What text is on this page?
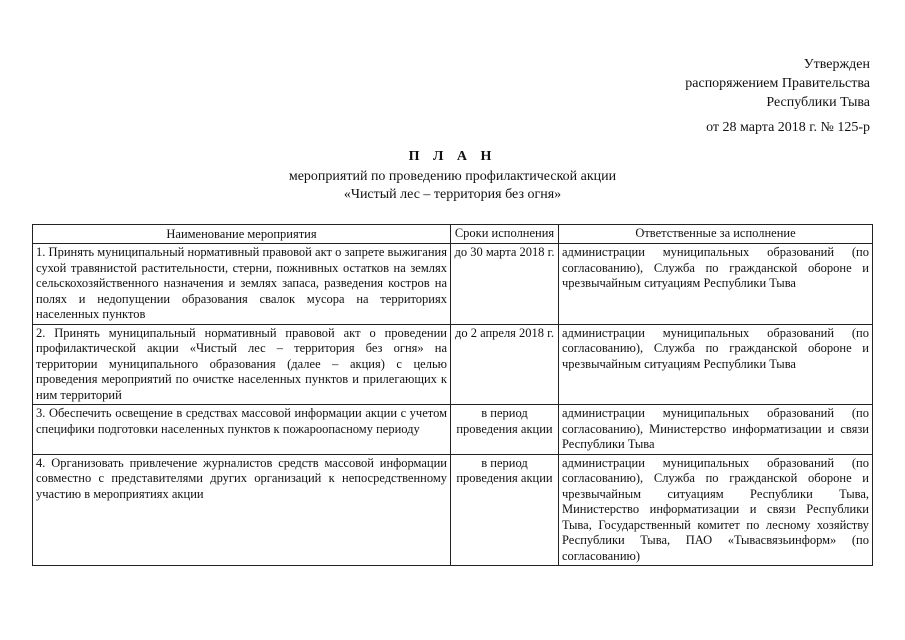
Утвержден
распоряжением Правительства
Республики Тыва
от 28 марта 2018 г. № 125-р
П Л А Н
мероприятий по проведению профилактической акции
«Чистый лес – территория без огня»
Наименование мероприятия	Сроки исполнения	Ответственные за исполнение
1. Принять муниципальный нормативный правовой акт о запрете выжигания сухой травянистой растительности, стерни, пожнивных остатков на землях сельскохозяйственного назначения и землях запаса, разведения костров на полях и недопущении образования свалок мусора на территориях населенных пунктов	до 30 марта 2018 г.	администрации муниципальных образований (по согласованию), Служба по гражданской обороне и чрезвычайным ситуациям Республики Тыва
2. Принять муниципальный нормативный правовой акт о проведении профилактической акции «Чистый лес – территория без огня» на территории муниципального образования (далее – акция) с целью проведения мероприятий по очистке населенных пунктов и прилегающих к ним территорий	до 2 апреля 2018 г.	администрации муниципальных образований (по согласованию), Служба по гражданской обороне и чрезвычайным ситуациям Республики Тыва
3. Обеспечить освещение в средствах массовой информации акции с учетом специфики подготовки населенных пунктов к пожароопасному периоду	в период проведения акции	администрации муниципальных образований (по согласованию), Министерство информатизации и связи Республики Тыва
4. Организовать привлечение журналистов средств массовой информации совместно с представителями других организаций к непосредственному участию в мероприятиях акции	в период проведения акции	администрации муниципальных образований (по согласованию), Служба по гражданской обороне и чрезвычайным ситуациям Республики Тыва, Министерство информатизации и связи Республики Тыва, Государственный комитет по лесному хозяйству Республики Тыва, ПАО «Тывасвязьинформ» (по согласованию)
